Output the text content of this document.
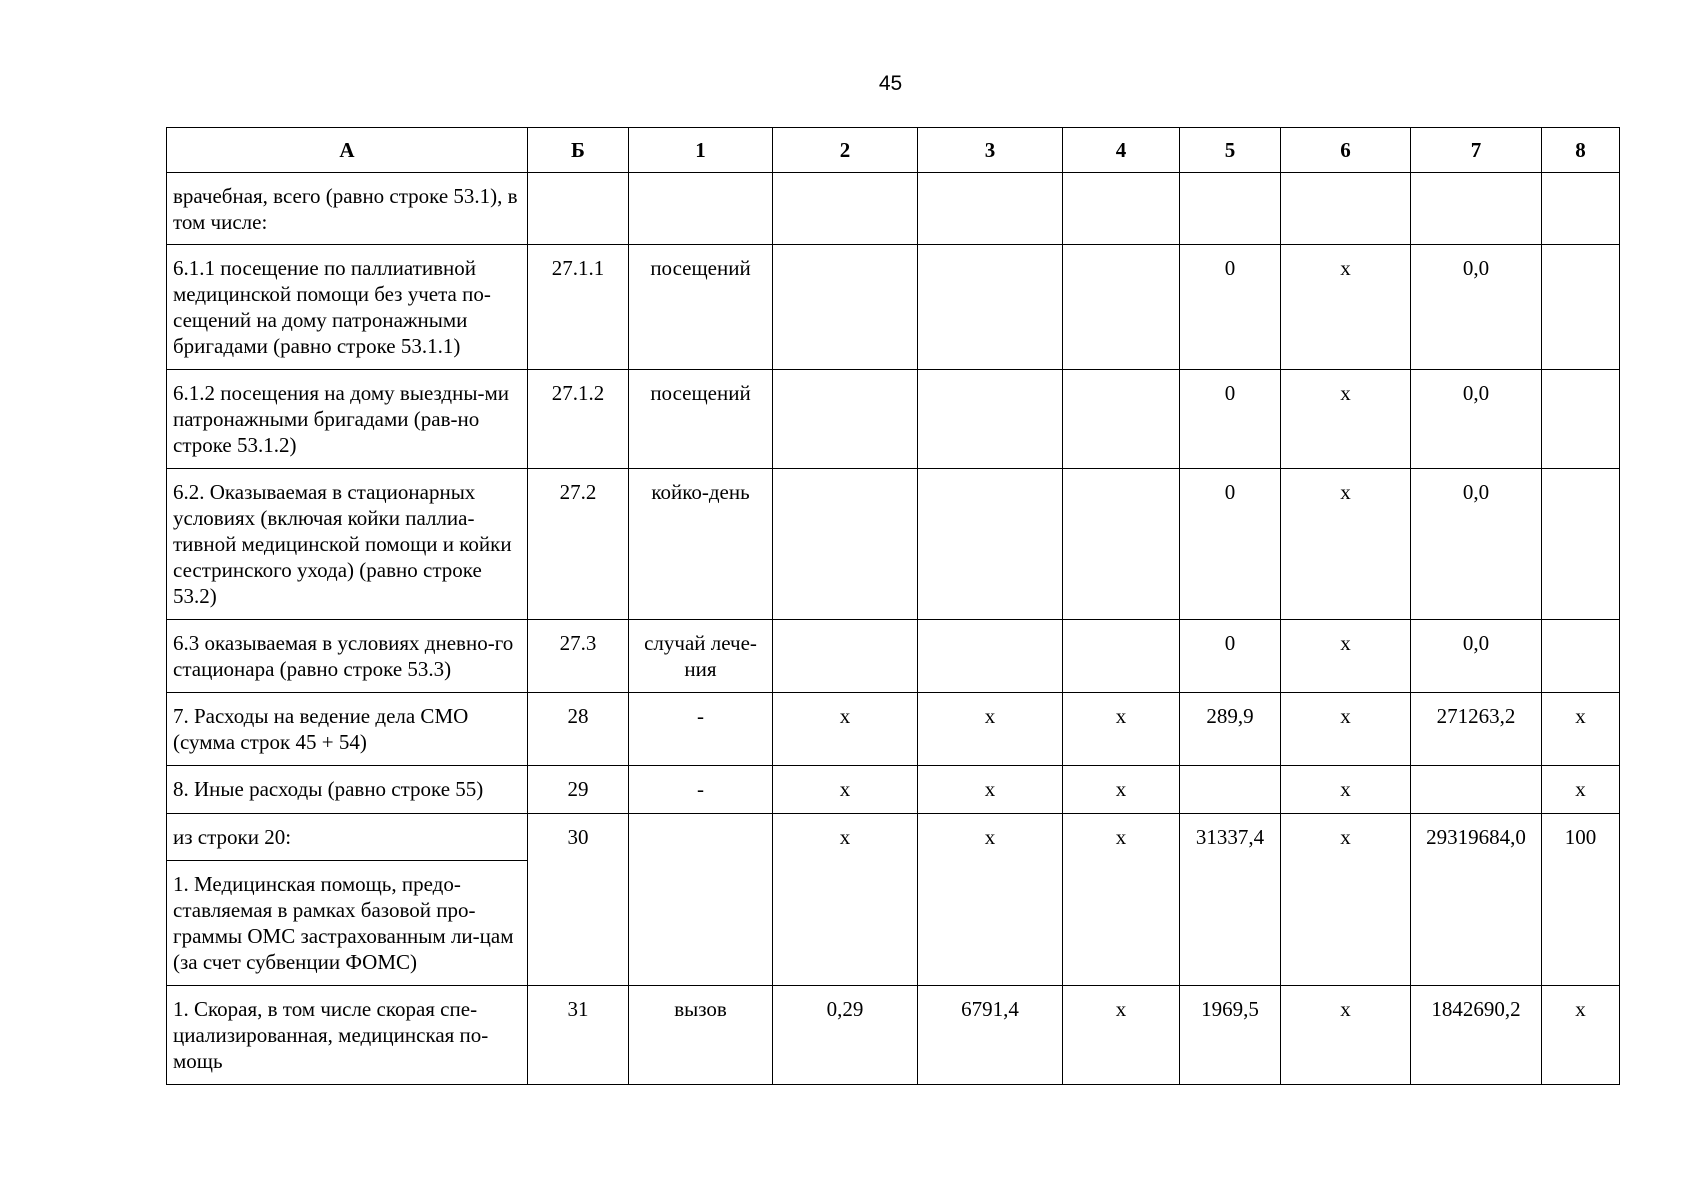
45
А	Б	1	2	3	4	5	6	7	8
врачебная, всего (равно строке 53.1), в том числе:									
6.1.1 посещение по паллиативной медицинской помощи без учета по-сещений на дому патронажными бригадами (равно строке 53.1.1)	27.1.1	посещений				0	х	0,0	
6.1.2 посещения на дому выездны-ми патронажными бригадами (рав-но строке 53.1.2)	27.1.2	посещений				0	х	0,0	
6.2. Оказываемая в стационарных условиях (включая койки паллиа-тивной медицинской помощи и койки сестринского ухода) (равно строке 53.2)	27.2	койко-день				0	х	0,0	
6.3 оказываемая в условиях дневно-го стационара (равно строке 53.3)	27.3	случай лече-ния				0	х	0,0	
7. Расходы на ведение дела СМО (сумма строк 45 + 54)	28	-	х	х	х	289,9	х	271263,2	х
8. Иные расходы (равно строке 55)	29	-	х	х	х		х		х
из строки 20:	30		х	х	х	31337,4	х	29319684,0	100
1. Медицинская помощь, предо-ставляемая в рамках базовой про-граммы ОМС застрахованным ли-цам (за счет субвенции ФОМС)									
1. Скорая, в том числе скорая спе-циализированная, медицинская по-мощь	31	вызов	0,29	6791,4	х	1969,5	х	1842690,2	х
